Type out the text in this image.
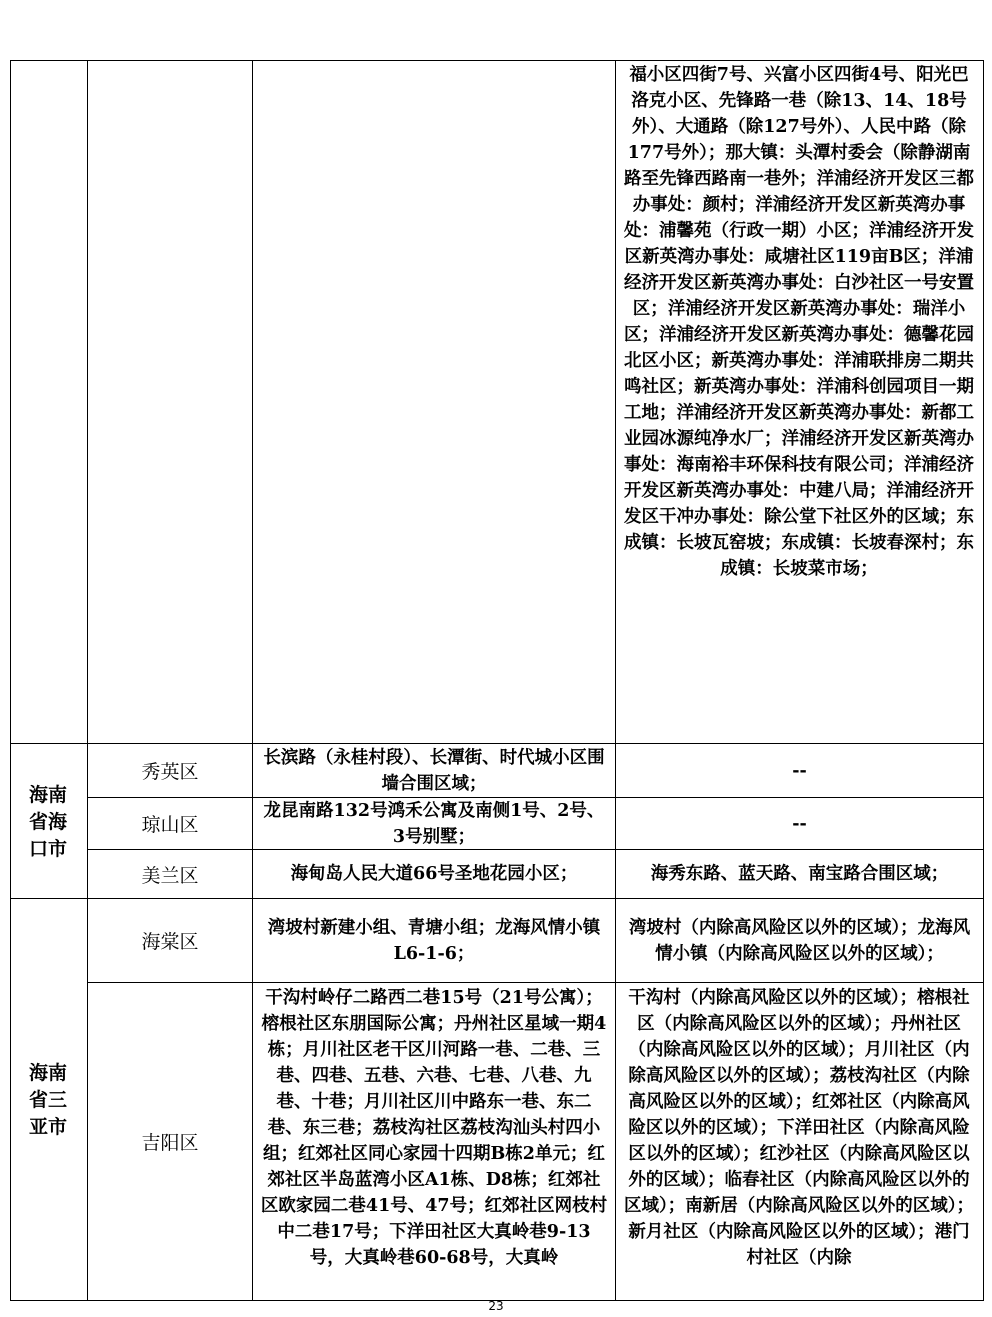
福小区四街7号、兴富小区四街4号、阳光巴洛克小区、先锋路一巷（除13、14、18号外）、大通路（除127号外）、人民中路（除177号外）；那大镇：头潭村委会（除静湖南路至先锋西路南一巷外；洋浦经济开发区三都办事处：颜村；洋浦经济开发区新英湾办事处：浦馨苑（行政一期）小区；洋浦经济开发区新英湾办事处：咸塘社区119亩B区；洋浦经济开发区新英湾办事处：白沙社区一号安置区；洋浦经济开发区新英湾办事处：瑞洋小区；洋浦经济开发区新英湾办事处：德馨花园北区小区；新英湾办事处：洋浦联排房二期共鸣社区；新英湾办事处：洋浦科创园项目一期工地；洋浦经济开发区新英湾办事处：新都工业园冰源纯净水厂；洋浦经济开发区新英湾办事处：海南裕丰环保科技有限公司；洋浦经济开发区新英湾办事处：中建八局；洋浦经济开发区干冲办事处：除公堂下社区外的区域；东成镇：长坡瓦窑坡；东成镇：长坡春深村；东成镇：长坡菜市场；
海南省海口市
秀英区
长滨路（永桂村段）、长潭街、时代城小区围墙合围区域；
--
琼山区
龙昆南路132号鸿禾公寓及南侧1号、2号、3号别墅；
--
美兰区	海甸岛人民大道66号圣地花园小区；	海秀东路、蓝天路、南宝路合围区域；
海南省三亚市
海棠区
湾坡村新建小组、青塘小组；龙海风情小镇L6-1-6；
湾坡村（内除高风险区以外的区域）；龙海风情小镇（内除高风险区以外的区域）；
吉阳区
干沟村岭仔二路西二巷15号（21号公寓）；榕根社区东朋国际公寓；丹州社区星域一期4栋；月川社区老干区川河路一巷、二巷、三巷、四巷、五巷、六巷、七巷、八巷、九巷、十巷；月川社区川中路东一巷、东二巷、东三巷；荔枝沟社区荔枝沟汕头村四小组；红郊社区同心家园十四期B栋2单元；红郊社区半岛蓝湾小区A1栋、D8栋；红郊社区欧家园二巷41号、47号；红郊社区网枝村中二巷17号；下洋田社区大真岭巷9-13号，大真岭巷60-68号，大真岭
干沟村（内除高风险区以外的区域）；榕根社区（内除高风险区以外的区域）；丹州社区（内除高风险区以外的区域）；月川社区（内除高风险区以外的区域）；荔枝沟社区（内除高风险区以外的区域）；红郊社区（内除高风险区以外的区域）；下洋田社区（内除高风险区以外的区域）；红沙社区（内除高风险区以外的区域）；临春社区（内除高风险区以外的区域）；南新居（内除高风险区以外的区域）；新月社区（内除高风险区以外的区域）；港门村社区（内除
23
